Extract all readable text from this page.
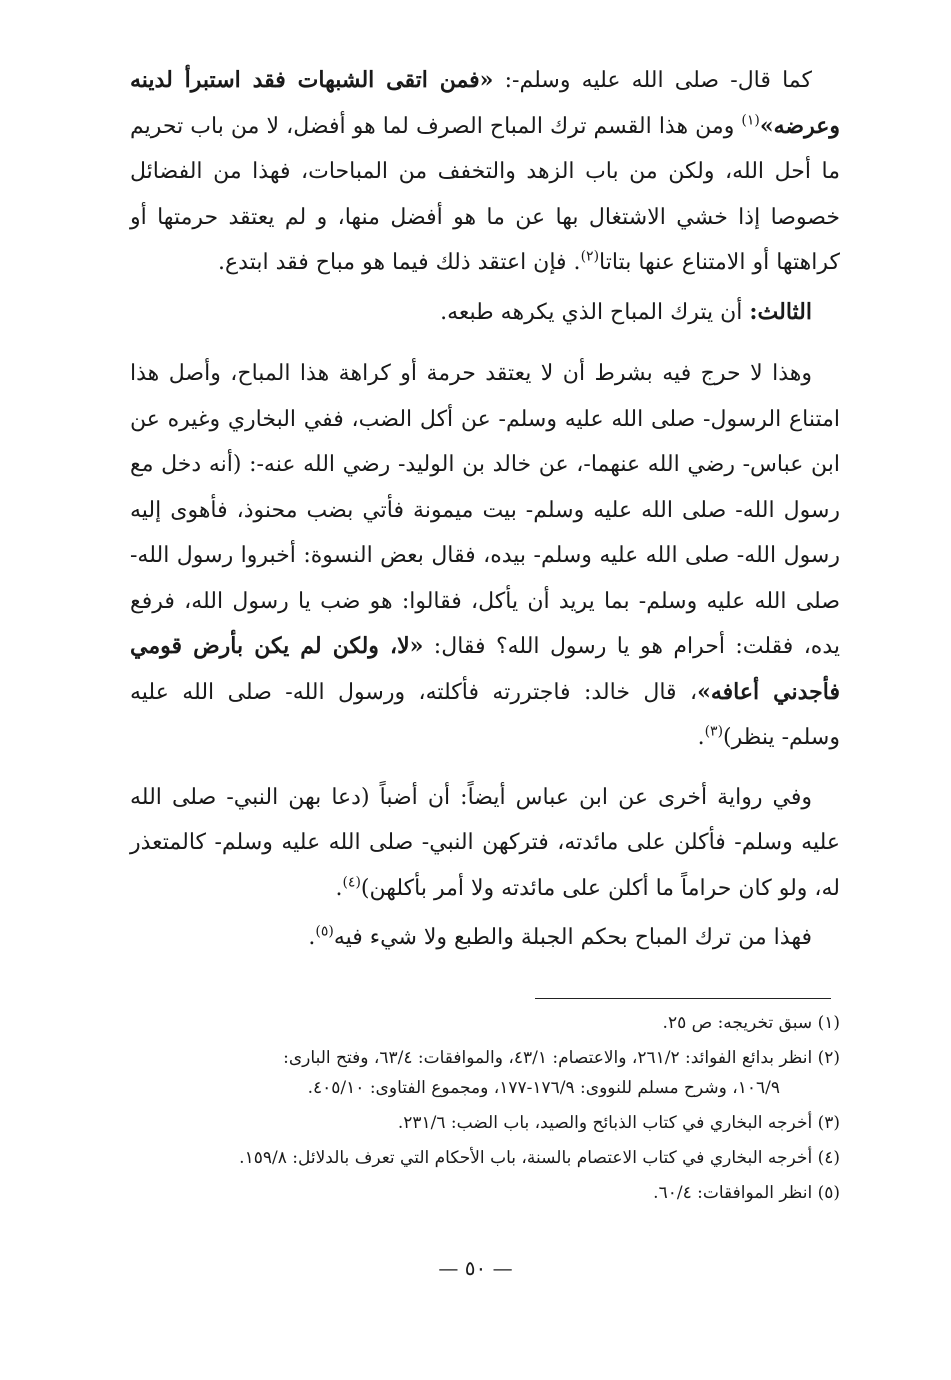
كما قال- صلى الله عليه وسلم-: «فمن اتقى الشبهات فقد استبرأ لدينه وعرضه»$^{(١)}$ ومن هذا القسم ترك المباح الصرف لما هو أفضل، لا من باب تحريم ما أحل الله، ولكن من باب الزهد والتخفف من المباحات، فهذا من الفضائل خصوصا إذا خشي الاشتغال بها عن ما هو أفضل منها، و لم يعتقد حرمتها أو كراهتها أو الامتناع عنها بتاتا$^{(٢)}$. فإن اعتقد ذلك فيما هو مباح فقد ابتدع.

الثالث: أن يترك المباح الذي يكرهه طبعه.

وهذا لا حرج فيه بشرط أن لا يعتقد حرمة أو كراهة هذا المباح، وأصل هذا امتناع الرسول- صلى الله عليه وسلم- عن أكل الضب، ففي البخاري وغيره عن ابن عباس- رضي الله عنهما-، عن خالد بن الوليد- رضي الله عنه-: (أنه دخل مع رسول الله- صلى الله عليه وسلم- بيت ميمونة فأتي بضب محنوذ، فأهوى إليه رسول الله- صلى الله عليه وسلم- بيده، فقال بعض النسوة: أخبروا رسول الله- صلى الله عليه وسلم- بما يريد أن يأكل، فقالوا: هو ضب يا رسول الله، فرفع يده، فقلت: أحرام هو يا رسول الله؟ فقال: «لا، ولكن لم يكن بأرض قومي فأجدني أعافه»، قال خالد: فاجتررته فأكلته، ورسول الله- صلى الله عليه وسلم- ينظر)$^{(٣)}$.

وفي رواية أخرى عن ابن عباس أيضاً: أن أضباً (دعا بهن النبي- صلى الله عليه وسلم- فأكلن على مائدته، فتركهن النبي- صلى الله عليه وسلم- كالمتعذر له، ولو كان حراماً ما أكلن على مائدته ولا أمر بأكلهن)$^{(٤)}$.

فهذا من ترك المباح بحكم الجبلة والطبع ولا شيء فيه$^{(٥)}$.

(١) سبق تخريجه: ص ٢٥.

(٢) انظر بدائع الفوائد: ٢٦١/٢، والاعتصام: ٤٣/١، والموافقات: ٦٣/٤، وفتح البارى:
١٠٦/٩، وشرح مسلم للنووى: ١٧٦/٩-١٧٧، ومجموع الفتاوى: ٤٠٥/١٠.

(٣) أخرجه البخاري في كتاب الذبائح والصيد، باب الضب: ٢٣١/٦.

(٤) أخرجه البخاري في كتاب الاعتصام بالسنة، باب الأحكام التي تعرف بالدلائل: ١٥٩/٨.

(٥) انظر الموافقات: ٦٠/٤.

— ٥٠ —
